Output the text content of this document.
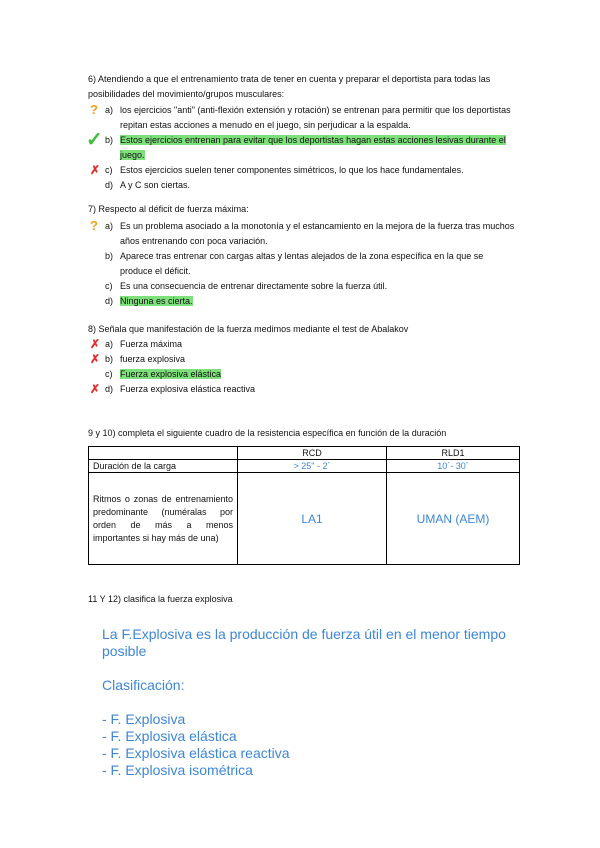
6) Atendiendo a que el entrenamiento trata de tener en cuenta y preparar el deportista para todas las posibilidades del movimiento/grupos musculares:
? a) los ejercicios "anti" (anti-flexión extensión y rotación) se entrenan para permitir que los deportistas repitan estas acciones a menudo en el juego, sin perjudicar a la espalda.
✓ b) Estos ejercicios entrenan para evitar que los deportistas hagan estas acciones lesivas durante el juego.
✗ c) Estos ejercicios suelen tener componentes simétricos, lo que los hace fundamentales.
d) A y C son ciertas.
7) Respecto al déficit de fuerza máxima:
? a) Es un problema asociado a la monotonía y el estancamiento en la mejora de la fuerza tras muchos años entrenando con poca variación.
b) Aparece tras entrenar con cargas altas y lentas alejados de la zona específica en la que se produce el déficit.
c) Es una consecuencia de entrenar directamente sobre la fuerza útil.
d) Ninguna es cierta.
8) Señala que manifestación de la fuerza medimos mediante el test de Abalakov
✗ a) Fuerza máxima
✗ b) fuerza explosiva
c) Fuerza explosiva elástica
✗ d) Fuerza explosiva elástica reactiva
9 y 10) completa el siguiente cuadro de la resistencia específica en función de la duración
	RCD	RLD1
Duración de la carga	> 25" - 2´	10´- 30´
Ritmos o zonas de entrenamiento predominante (numéralas por orden de más a menos importantes si hay más de una)	LA1	UMAN (AEM)
11 Y 12) clasifica la fuerza explosiva
La F.Explosiva es la producción de fuerza útil en el menor tiempo posible
Clasificación:
- F. Explosiva
- F. Explosiva elástica
- F. Explosiva elástica reactiva
- F. Explosiva isométrica
